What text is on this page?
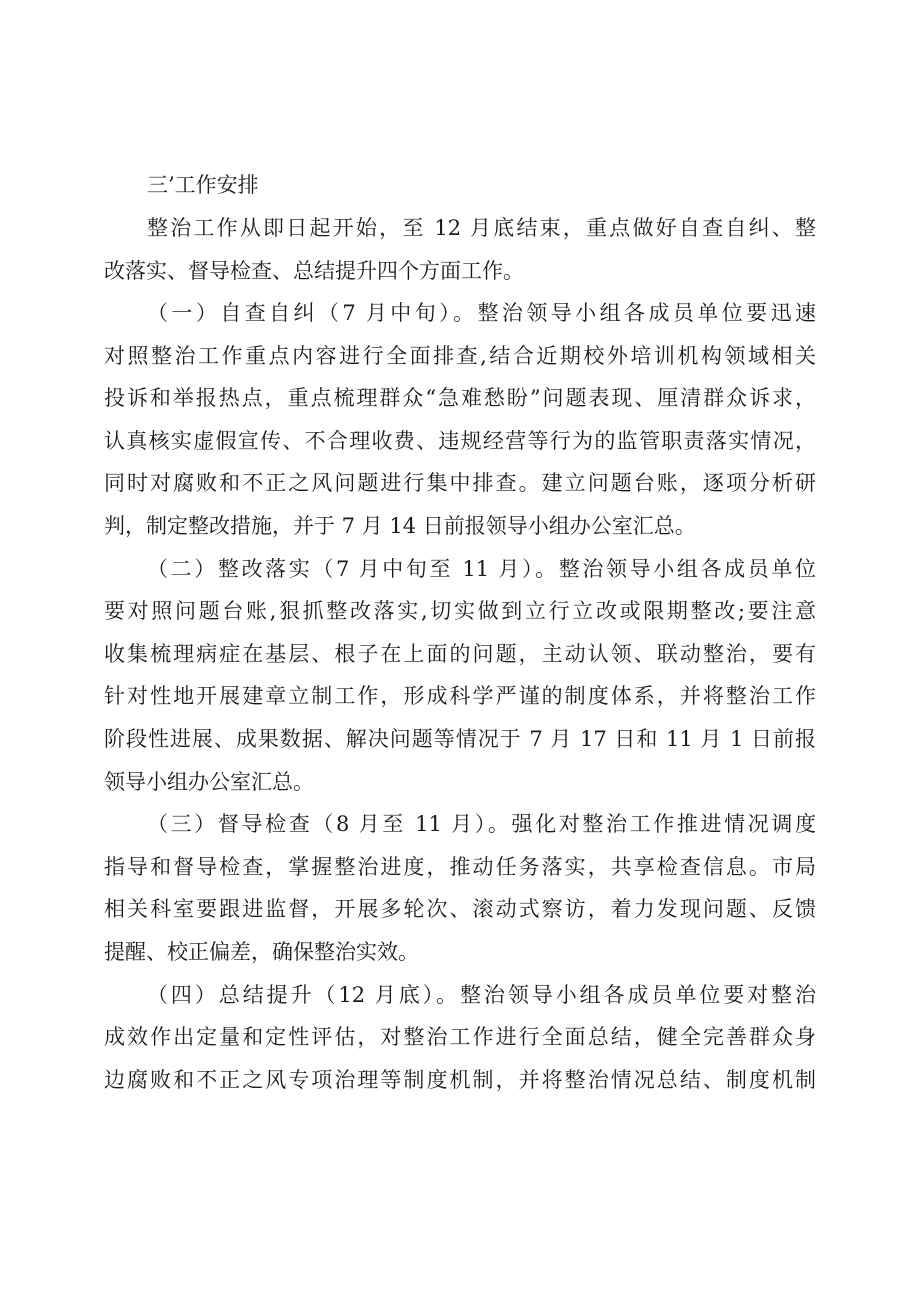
三’工作安排
整治工作从即日起开始，至 12 月底结束，重点做好自查自纠、整
改落实、督导检查、总结提升四个方面工作。
（一）自查自纠（7 月中旬）。整治领导小组各成员单位要迅速
对照整治工作重点内容进行全面排查,结合近期校外培训机构领域相关
投诉和举报热点，重点梳理群众“急难愁盼”问题表现、厘清群众诉求，
认真核实虚假宣传、不合理收费、违规经营等行为的监管职责落实情况，
同时对腐败和不正之风问题进行集中排查。建立问题台账，逐项分析研
判，制定整改措施，并于 7 月 14 日前报领导小组办公室汇总。
（二）整改落实（7 月中旬至 11 月）。整治领导小组各成员单位
要对照问题台账,狠抓整改落实,切实做到立行立改或限期整改;要注意
收集梳理病症在基层、根子在上面的问题，主动认领、联动整治，要有
针对性地开展建章立制工作，形成科学严谨的制度体系，并将整治工作
阶段性进展、成果数据、解决问题等情况于 7 月 17 日和 11 月 1 日前报
领导小组办公室汇总。
（三）督导检查（8 月至 11 月）。强化对整治工作推进情况调度
指导和督导检查，掌握整治进度，推动任务落实，共享检查信息。市局
相关科室要跟进监督，开展多轮次、滚动式察访，着力发现问题、反馈
提醒、校正偏差，确保整治实效。
（四）总结提升（12 月底）。整治领导小组各成员单位要对整治
成效作出定量和定性评估，对整治工作进行全面总结，健全完善群众身
边腐败和不正之风专项治理等制度机制，并将整治情况总结、制度机制
